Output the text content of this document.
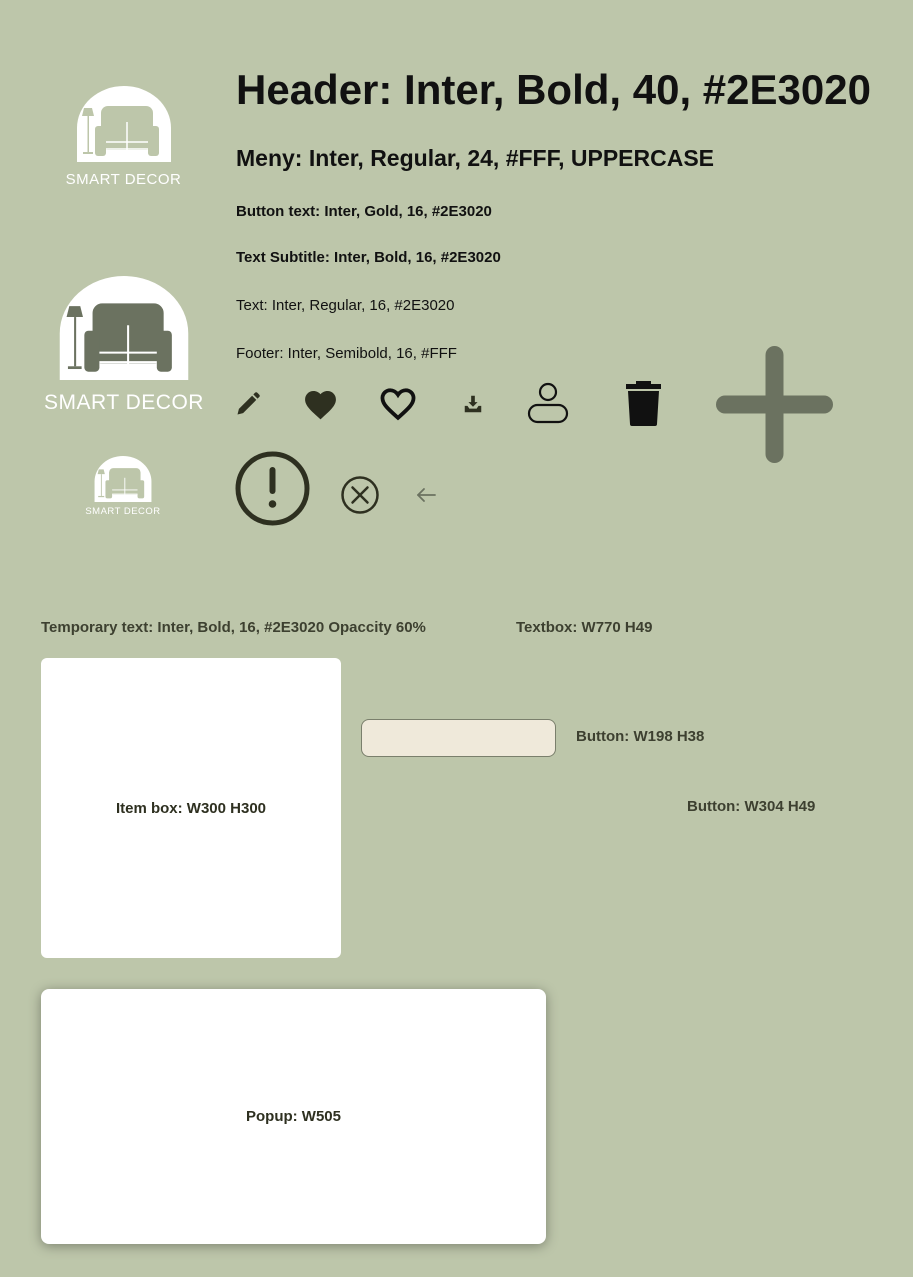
SMART DECOR
SMART DECOR
SMART DECOR
Header: Inter, Bold, 40, #2E3020
Meny: Inter, Regular, 24, #FFF, UPPERCASE
Button text: Inter, Gold, 16, #2E3020
Text Subtitle: Inter, Bold, 16, #2E3020
Text: Inter, Regular, 16, #2E3020
Footer: Inter, Semibold, 16, #FFF
Temporary text: Inter, Bold, 16, #2E3020 Opaccity 60%	Textbox: W770 H49
Item box: W300 H300
Button: W198 H38
Button: W304 H49
Popup: W505
